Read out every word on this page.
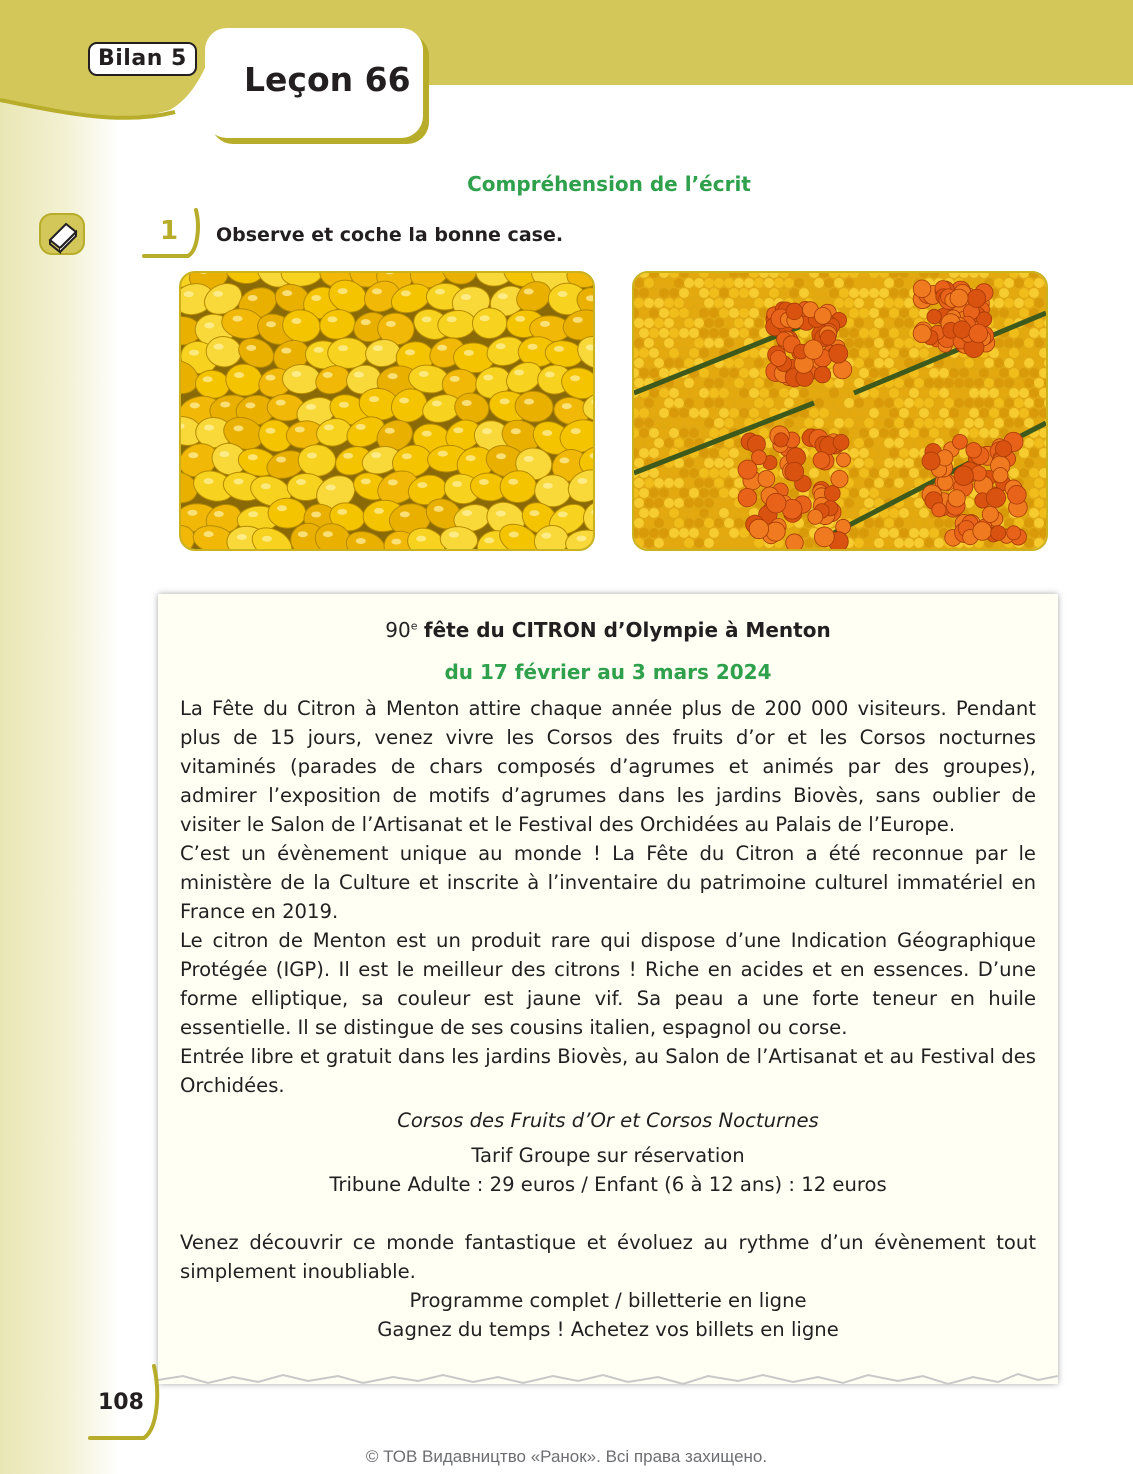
Bilan 5
Leçon 66
Compréhension de l’écrit
1 Observe et coche la bonne case.
90e fête du CITRON d’Olympie à Menton
du 17 février au 3 mars 2024

La Fête du Citron à Menton attire chaque année plus de 200 000 visiteurs. Pendant plus de 15 jours, venez vivre les Corsos des fruits d’or et les Corsos nocturnes vitaminés (parades de chars composés d’agrumes et animés par des groupes), admirer l’exposition de motifs d’agrumes dans les jardins Biovès, sans oublier de visiter le Salon de l’Artisanat et le Festival des Orchidées au Palais de l’Europe.

C’est un évènement unique au monde ! La Fête du Citron a été reconnue par le ministère de la Culture et inscrite à l’inventaire du patrimoine culturel immatériel en France en 2019.

Le citron de Menton est un produit rare qui dispose d’une Indication Géographique Protégée (IGP). Il est le meilleur des citrons ! Riche en acides et en essences. D’une forme elliptique, sa couleur est jaune vif. Sa peau a une forte teneur en huile essentielle. Il se distingue de ses cousins italien, espagnol ou corse.

Entrée libre et gratuit dans les jardins Biovès, au Salon de l’Artisanat et au Festival des Orchidées.

Corsos des Fruits d’Or et Corsos Nocturnes

Tarif Groupe sur réservation

Tribune Adulte : 29 euros / Enfant (6 à 12 ans) : 12 euros

Venez découvrir ce monde fantastique et évoluez au rythme d’un évènement tout simplement inoubliable.

Programme complet / billetterie en ligne

Gagnez du temps ! Achetez vos billets en ligne

108
© ТОВ Видавництво «Ранок». Всі права захищено.
